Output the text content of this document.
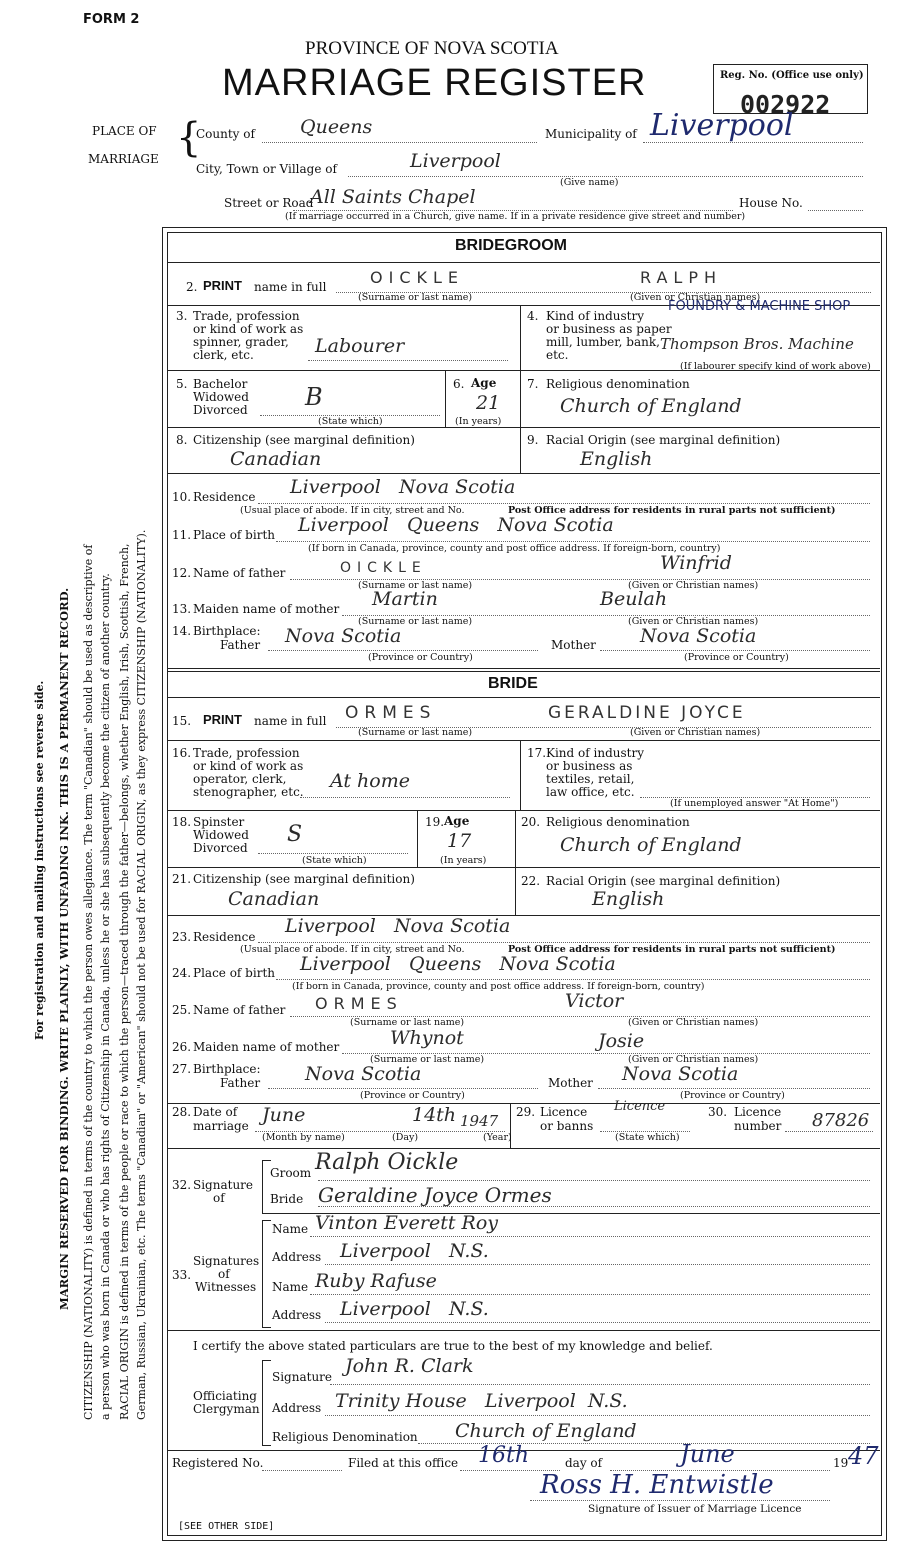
FORM 2
PROVINCE OF NOVA SCOTIA
MARRIAGE REGISTER	Reg. No. (Office use only)
002922
For registration and mailing instructions see reverse side. MARGIN RESERVED FOR BINDING. WRITE PLAINLY, WITH UNFADING INK. THIS IS A PERMANENT RECORD. CITIZENSHIP (NATIONALITY) is defined in terms of the country to which the person owes allegiance. The term "Canadian" should be used as descriptive of a person who was born in Canada or who has rights of Citizenship in Canada, unless he or she has subsequently become the citizen of another country. RACIAL ORIGIN is defined in terms of the people or race to which the person—traced through the father—belongs, whether English, Irish, Scottish, French, German, Russian, Ukrainian, etc. The terms "Canadian" or "American" should not be used for RACIAL ORIGIN, as they express CITIZENSHIP (NATIONALITY).
PLACE OF
MARRIAGE {
County of Queens	Municipality of Liverpool
City, Town or Village of	Liverpool
(Give name)
Street or Road
All Saints Chapel	House No.
(If marriage occurred in a Church, give name. If in a private residence give street and number)
BRIDEGROOM
2. PRINT name in full	OICKLE	RALPH
(Surname or last name)	(Given or Christian names)
3. Trade, profession
or kind of work as
spinner, grader,
clerk, etc.	Labourer
4. Kind of industry
or business as paper
mill, lumber, bank,
etc.
FOUNDRY & MACHINE SHOP
Thompson Bros. Machine
(If labourer specify kind of work above)
5. Bachelor
Widowed
Divorced B
(State which)
6. Age
21
(In years)
7. Religious denomination
Church of England
8. Citizenship (see marginal definition)
Canadian
9. Racial Origin (see marginal definition)
English
10. Residence Liverpool   Nova Scotia
(Usual place of abode. If in city, street and No.	Post Office address for residents in rural parts not sufficient)
11. Place of birth Liverpool   Queens   Nova Scotia
(If born in Canada, province, county and post office address. If foreign-born, country)
12. Name of father	OICKLE	Winfrid
(Surname or last name)	(Given or Christian names)
13. Maiden name of mother Martin	Beulah
(Surname or last name)	(Given or Christian names)
14. Birthplace:
Father Nova Scotia	Mother Nova Scotia
(Province or Country)	(Province or Country)
BRIDE
15. PRINT name in full ORMES	GERALDINE JOYCE
(Surname or last name)	(Given or Christian names)
16. Trade, profession
or kind of work as
operator, clerk,
stenographer, etc. At home
17. Kind of industry
or business as
textiles, retail,
law office, etc.
(If unemployed answer "At Home")
18. Spinster
Widowed
Divorced
S
(State which)
19. Age
17
(In years)
20. Religious denomination
Church of England
21. Citizenship (see marginal definition)
Canadian
22. Racial Origin (see marginal definition)
English
23. Residence Liverpool   Nova Scotia
(Usual place of abode. If in city, street and No.	Post Office address for residents in rural parts not sufficient)
24. Place of birth Liverpool   Queens   Nova Scotia
(If born in Canada, province, county and post office address. If foreign-born, country)
25. Name of father ORMES	Victor
(Surname or last name)	(Given or Christian names)
26. Maiden name of mother	Whynot	Josie
(Surname or last name)	(Given or Christian names)
27. Birthplace:
Father Nova Scotia	Mother Nova Scotia
(Province or Country)	(Province or Country)
28. Date of
marriage June	14th 1947
(Month by name)	(Day)	(Year)
29. Licence
or banns
Licence
(State which)
30. Licence
number 87826
32. Signature
of
Groom Ralph Oickle
Bride Geraldine Joyce Ormes
33.
Signatures
of
Witnesses
Name Vinton Everett Roy
Address Liverpool   N.S.
Name Ruby Rafuse
Address Liverpool   N.S.
I certify the above stated particulars are true to the best of my knowledge and belief.
Officiating
Clergyman
Signature John R. Clark
Address Trinity House   Liverpool  N.S.
Religious Denomination Church of England
Registered No.	Filed at this office 16th	day of	June	19 47
Ross H. Entwistle
Signature of Issuer of Marriage Licence
[SEE OTHER SIDE]
